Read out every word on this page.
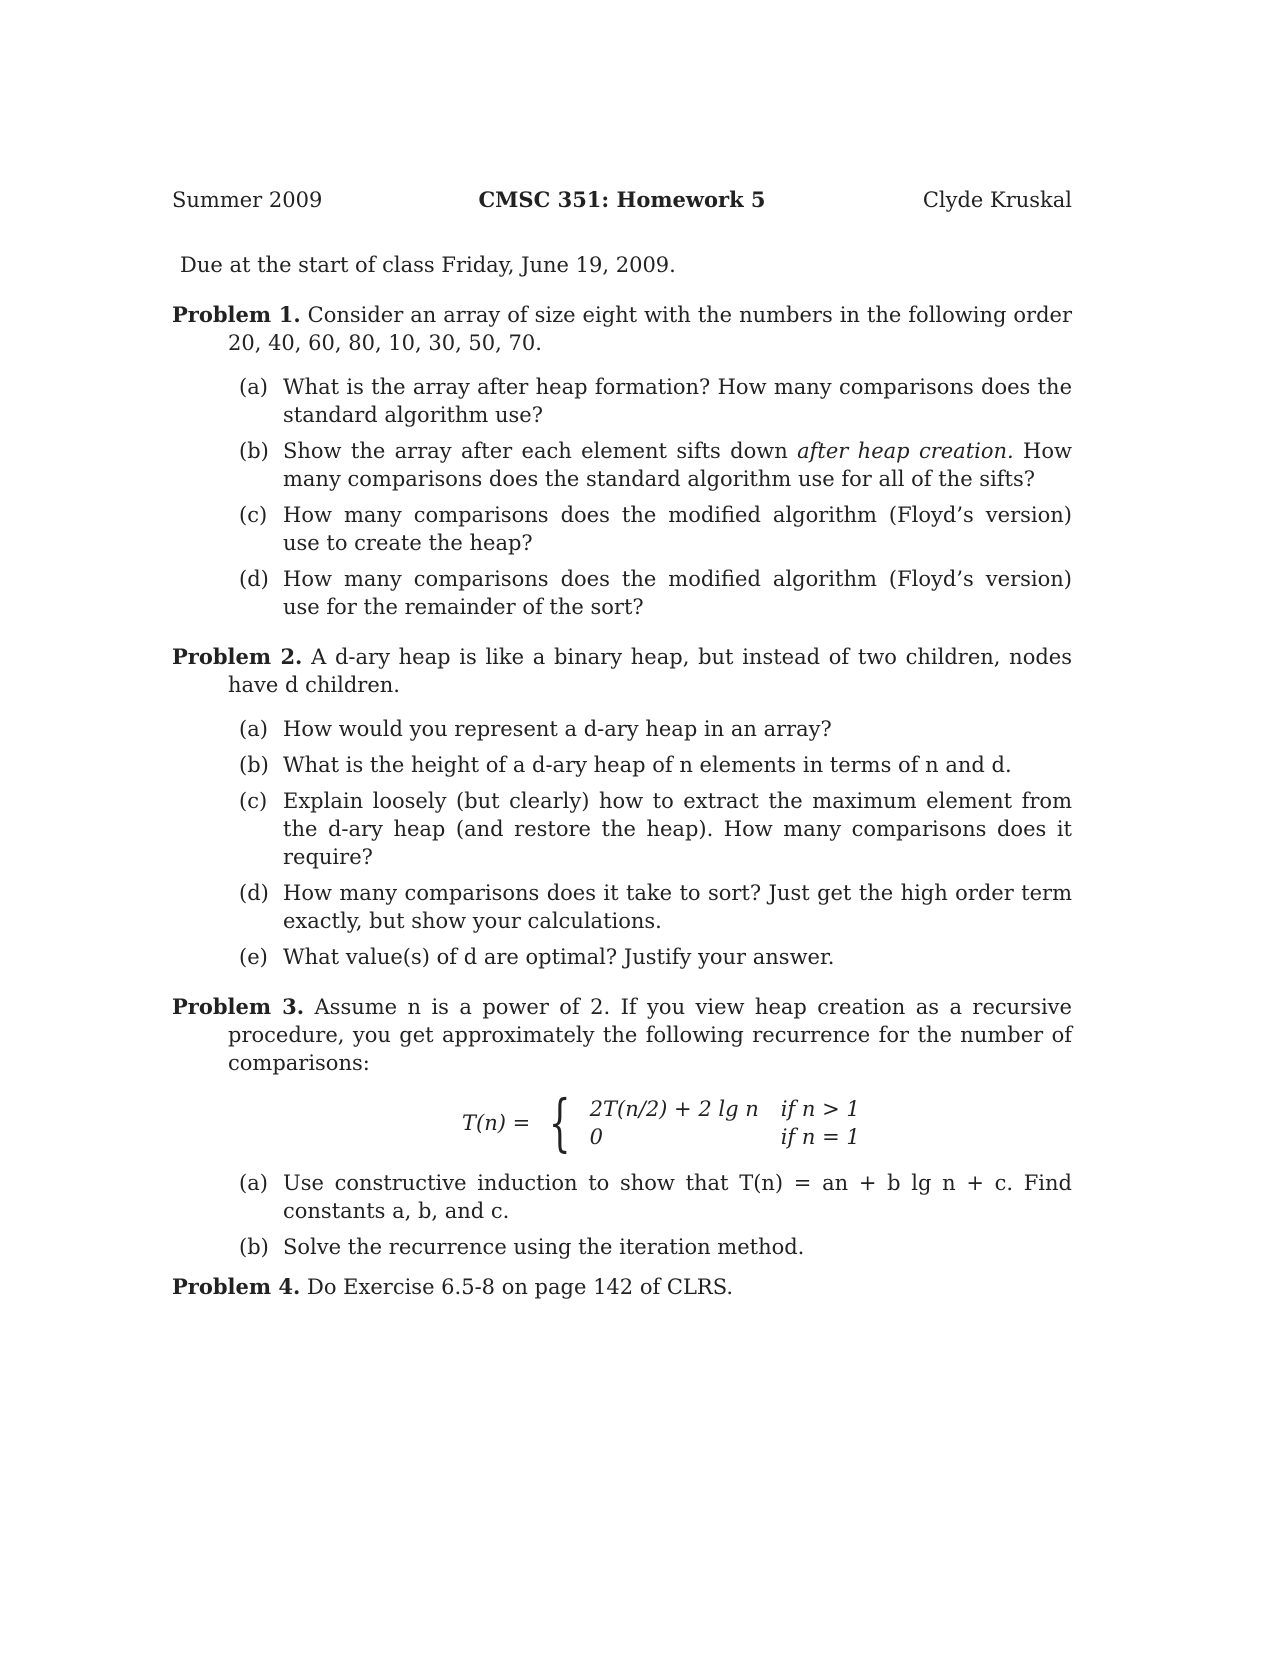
Summer 2009	CMSC 351: Homework 5	Clyde Kruskal
Due at the start of class Friday, June 19, 2009.
Problem 1. Consider an array of size eight with the numbers in the following order 20, 40, 60, 80, 10, 30, 50, 70.
(a) What is the array after heap formation? How many comparisons does the standard algorithm use?
(b) Show the array after each element sifts down after heap creation. How many comparisons does the standard algorithm use for all of the sifts?
(c) How many comparisons does the modified algorithm (Floyd’s version) use to create the heap?
(d) How many comparisons does the modified algorithm (Floyd’s version) use for the remainder of the sort?
Problem 2. A d-ary heap is like a binary heap, but instead of two children, nodes have d children.
(a) How would you represent a d-ary heap in an array?
(b) What is the height of a d-ary heap of n elements in terms of n and d.
(c) Explain loosely (but clearly) how to extract the maximum element from the d-ary heap (and restore the heap). How many comparisons does it require?
(d) How many comparisons does it take to sort? Just get the high order term exactly, but show your calculations.
(e) What value(s) of d are optimal? Justify your answer.
Problem 3. Assume n is a power of 2. If you view heap creation as a recursive procedure, you get approximately the following recurrence for the number of comparisons:
T(n) = { 2T(n/2) + 2 lg n if n > 1
0	if n = 1
(a) Use constructive induction to show that T(n) = an + b lg n + c. Find constants a, b, and c.
(b) Solve the recurrence using the iteration method.
Problem 4. Do Exercise 6.5-8 on page 142 of CLRS.
